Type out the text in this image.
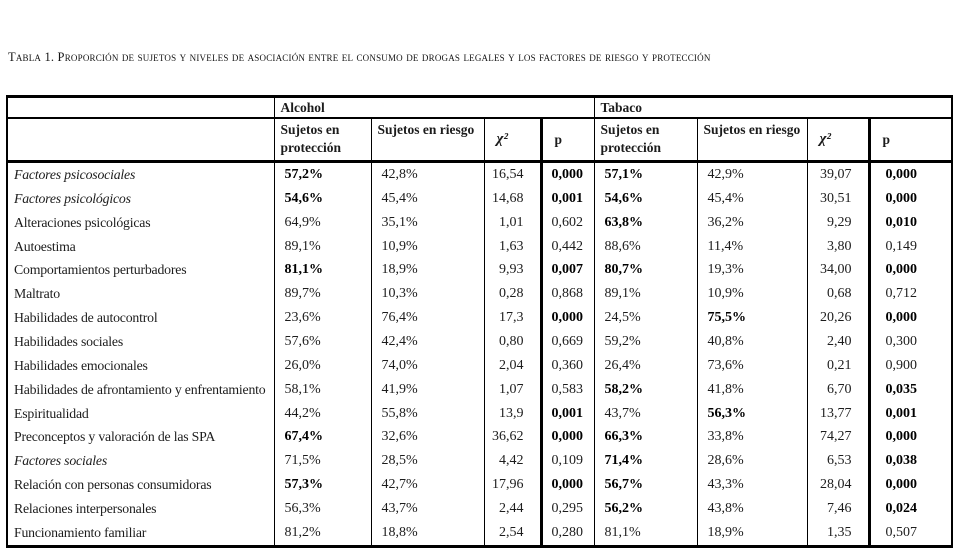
Tabla 1. Proporción de sujetos y niveles de asociación entre el consumo de drogas legales y los factores de riesgo y protección
	Alcohol				Tabaco			
	Sujetos en protección	Sujetos en riesgo	χ²	p	Sujetos en protección	Sujetos en riesgo	χ²	p
Factores psicosociales	57,2%	42,8%	16,54	0,000	57,1%	42,9%	39,07	0,000
Factores psicológicos	54,6%	45,4%	14,68	0,001	54,6%	45,4%	30,51	0,000
Alteraciones psicológicas	64,9%	35,1%	1,01	0,602	63,8%	36,2%	9,29	0,010
Autoestima	89,1%	10,9%	1,63	0,442	88,6%	11,4%	3,80	0,149
Comportamientos perturbadores	81,1%	18,9%	9,93	0,007	80,7%	19,3%	34,00	0,000
Maltrato	89,7%	10,3%	0,28	0,868	89,1%	10,9%	0,68	0,712
Habilidades de autocontrol	23,6%	76,4%	17,3	0,000	24,5%	75,5%	20,26	0,000
Habilidades sociales	57,6%	42,4%	0,80	0,669	59,2%	40,8%	2,40	0,300
Habilidades emocionales	26,0%	74,0%	2,04	0,360	26,4%	73,6%	0,21	0,900
Habilidades de afrontamiento y enfrentamiento	58,1%	41,9%	1,07	0,583	58,2%	41,8%	6,70	0,035
Espiritualidad	44,2%	55,8%	13,9	0,001	43,7%	56,3%	13,77	0,001
Preconceptos y valoración de las SPA	67,4%	32,6%	36,62	0,000	66,3%	33,8%	74,27	0,000
Factores sociales	71,5%	28,5%	4,42	0,109	71,4%	28,6%	6,53	0,038
Relación con personas consumidoras	57,3%	42,7%	17,96	0,000	56,7%	43,3%	28,04	0,000
Relaciones interpersonales	56,3%	43,7%	2,44	0,295	56,2%	43,8%	7,46	0,024
Funcionamiento familiar	81,2%	18,8%	2,54	0,280	81,1%	18,9%	1,35	0,507
